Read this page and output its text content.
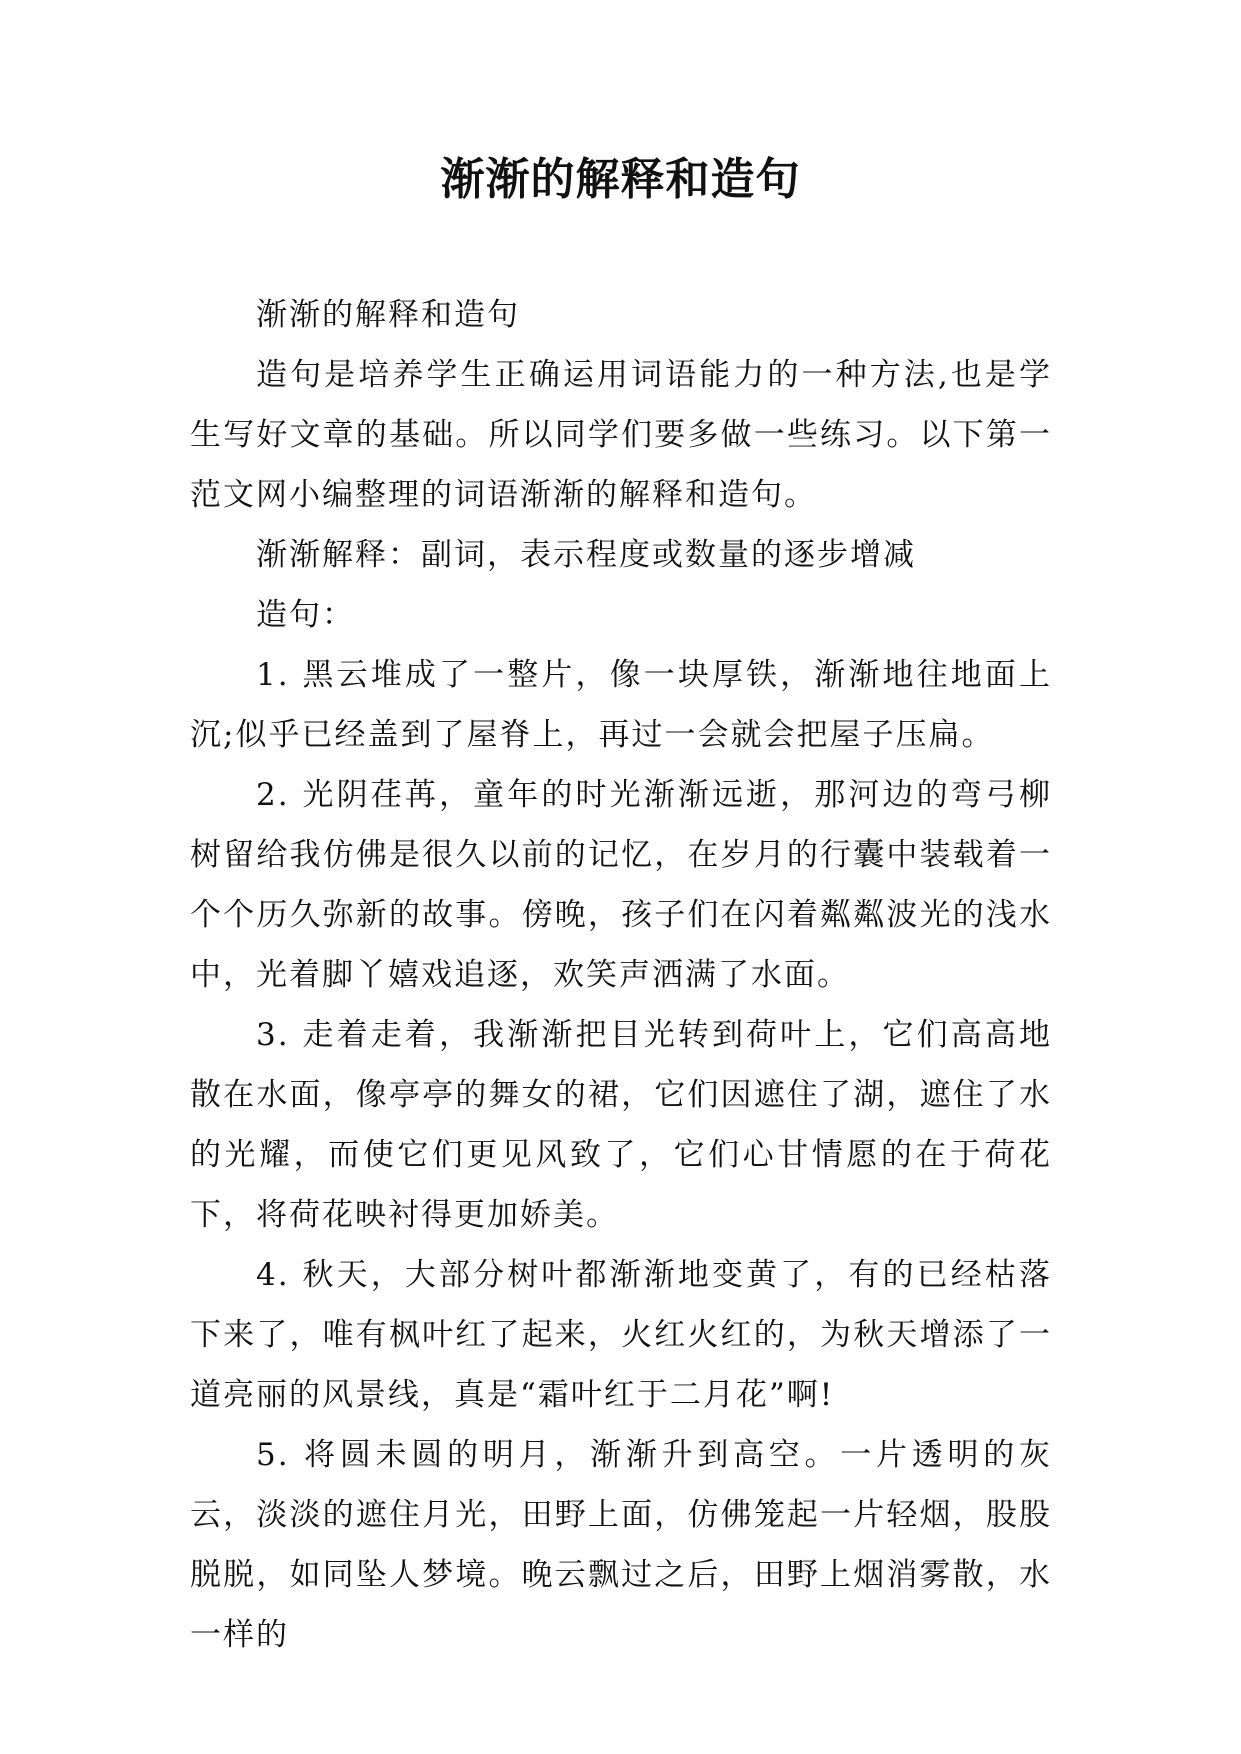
渐渐的解释和造句

渐渐的解释和造句

造句是培养学生正确运用词语能力的一种方法,也是学生写好文章的基础。所以同学们要多做一些练习。以下第一范文网小编整理的词语渐渐的解释和造句。

渐渐解释：副词，表示程度或数量的逐步增减

造句：

1. 黑云堆成了一整片，像一块厚铁，渐渐地往地面上沉;似乎已经盖到了屋脊上，再过一会就会把屋子压扁。

2. 光阴荏苒，童年的时光渐渐远逝，那河边的弯弓柳树留给我仿佛是很久以前的记忆，在岁月的行囊中装载着一个个历久弥新的故事。傍晚，孩子们在闪着粼粼波光的浅水中，光着脚丫嬉戏追逐，欢笑声洒满了水面。

3. 走着走着，我渐渐把目光转到荷叶上，它们高高地散在水面，像亭亭的舞女的裙，它们因遮住了湖，遮住了水的光耀，而使它们更见风致了，它们心甘情愿的在于荷花下，将荷花映衬得更加娇美。

4. 秋天，大部分树叶都渐渐地变黄了，有的已经枯落下来了，唯有枫叶红了起来，火红火红的，为秋天增添了一道亮丽的风景线，真是“霜叶红于二月花”啊!

5. 将圆未圆的明月，渐渐升到高空。一片透明的灰云，淡淡的遮住月光，田野上面，仿佛笼起一片轻烟，股股脱脱，如同坠人梦境。晚云飘过之后，田野上烟消雾散，水一样的
